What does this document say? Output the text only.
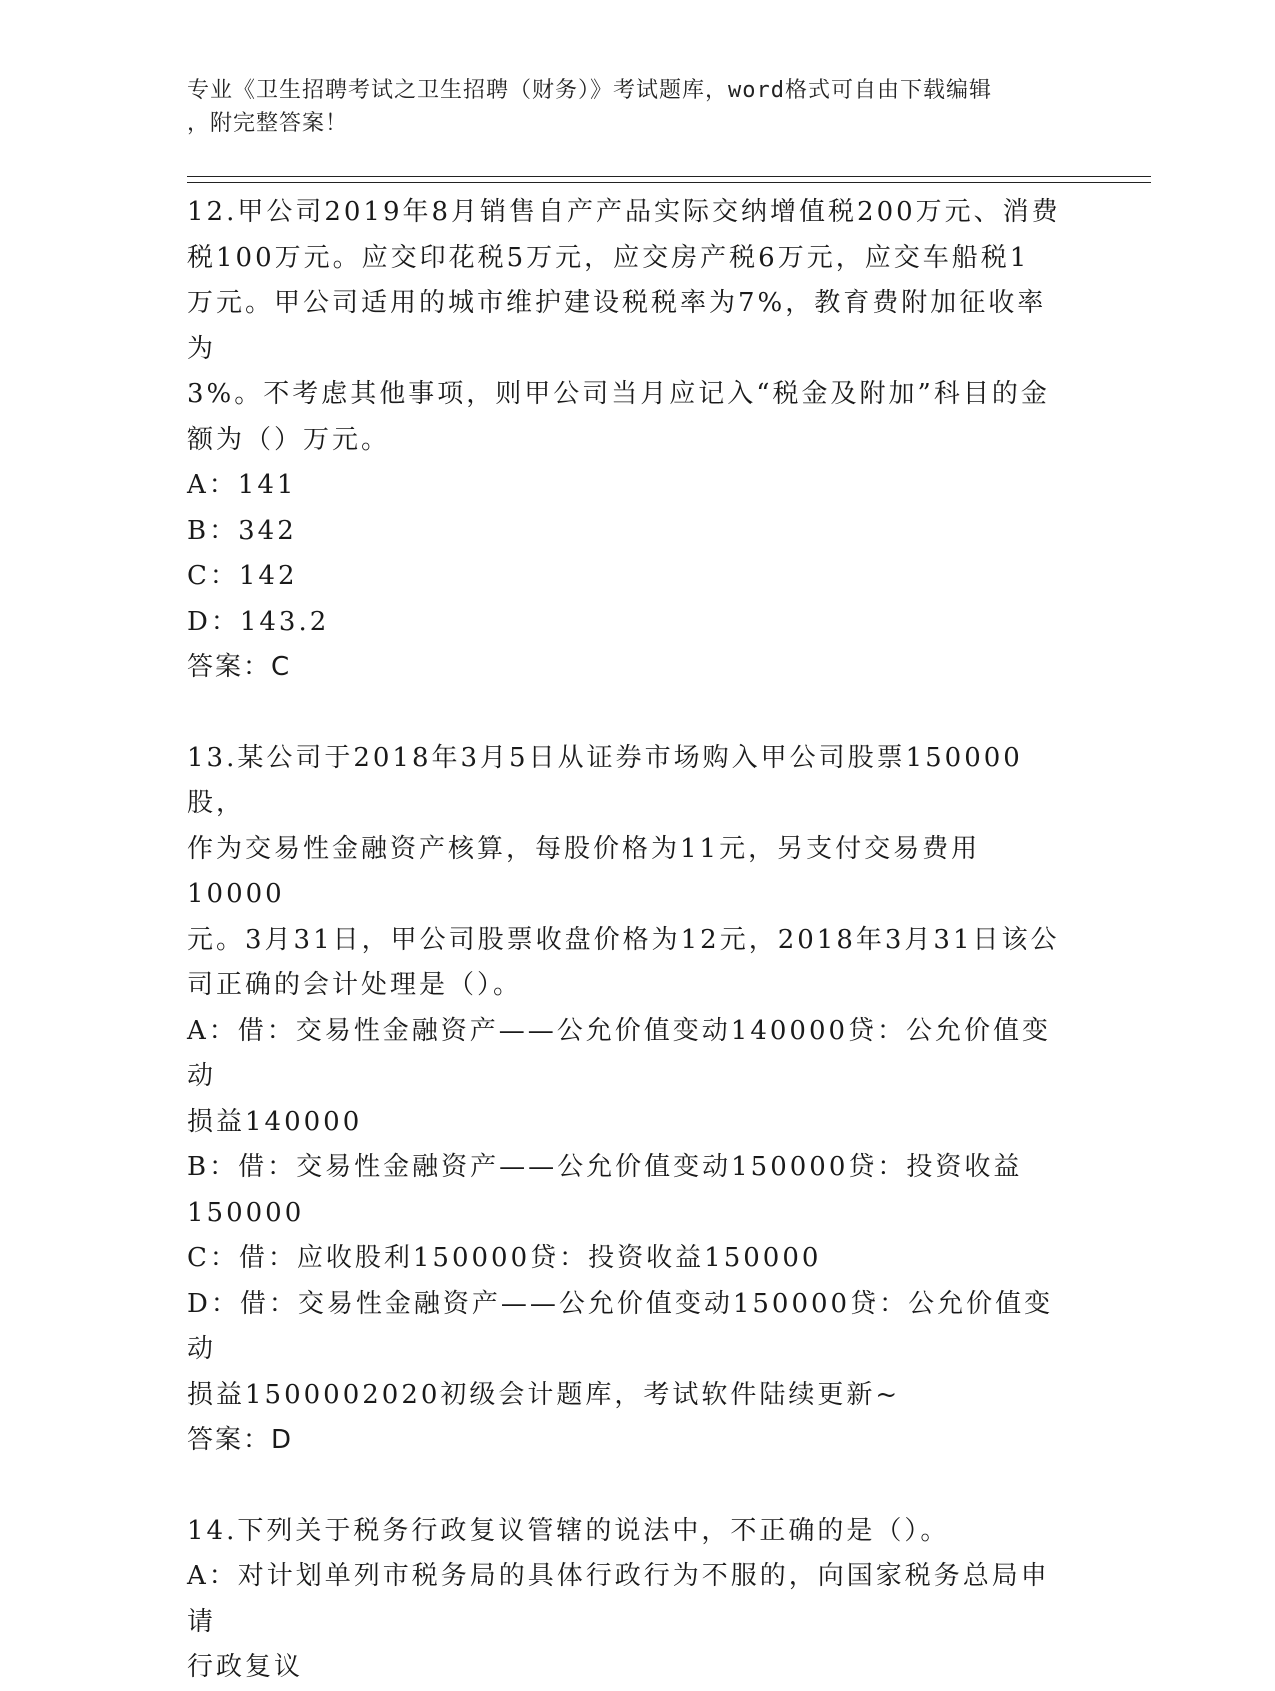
专业《卫生招聘考试之卫生招聘（财务）》考试题库，word格式可自由下载编辑
，附完整答案！

12.甲公司2019年8月销售自产产品实际交纳增值税200万元、消费

税100万元。应交印花税5万元，应交房产税6万元，应交车船税1

万元。甲公司适用的城市维护建设税税率为7%，教育费附加征收率为

3%。不考虑其他事项，则甲公司当月应记入“税金及附加”科目的金

额为（）万元。

A：141

B：342

C：142

D：143.2

答案：C

13.某公司于2018年3月5日从证券市场购入甲公司股票150000股，

作为交易性金融资产核算，每股价格为11元，另支付交易费用10000

元。3月31日，甲公司股票收盘价格为12元，2018年3月31日该公

司正确的会计处理是（）。

A：借：交易性金融资产——公允价值变动140000贷：公允价值变动

损益140000

B：借：交易性金融资产——公允价值变动150000贷：投资收益

150000

C：借：应收股利150000贷：投资收益150000

D：借：交易性金融资产——公允价值变动150000贷：公允价值变动

损益1500002020初级会计题库，考试软件陆续更新~

答案：D

14.下列关于税务行政复议管辖的说法中，不正确的是（）。

A：对计划单列市税务局的具体行政行为不服的，向国家税务总局申请

行政复议
